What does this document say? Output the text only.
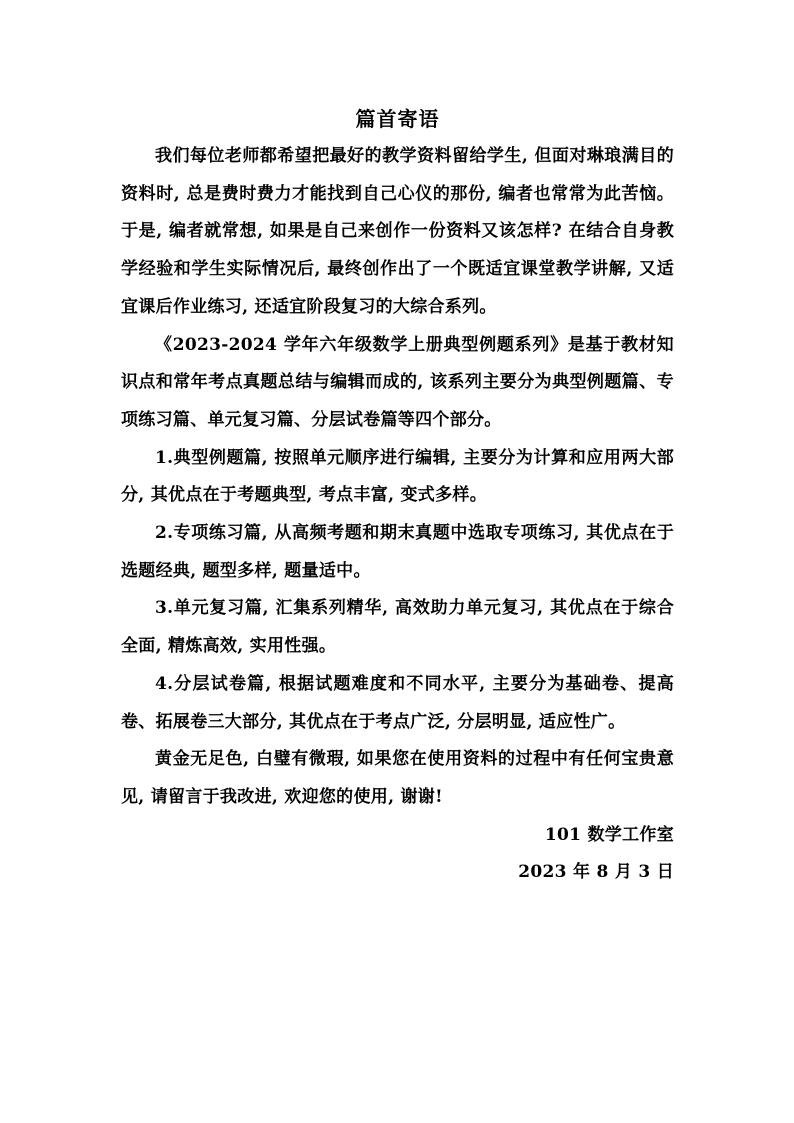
篇首寄语

我们每位老师都希望把最好的教学资料留给学生, 但面对琳琅满目的资料时, 总是费时费力才能找到自己心仪的那份, 编者也常常为此苦恼。于是, 编者就常想, 如果是自己来创作一份资料又该怎样? 在结合自身教学经验和学生实际情况后, 最终创作出了一个既适宜课堂教学讲解, 又适宜课后作业练习, 还适宜阶段复习的大综合系列。

《2023-2024 学年六年级数学上册典型例题系列》是基于教材知识点和常年考点真题总结与编辑而成的, 该系列主要分为典型例题篇、专项练习篇、单元复习篇、分层试卷篇等四个部分。

1.典型例题篇, 按照单元顺序进行编辑, 主要分为计算和应用两大部分, 其优点在于考题典型, 考点丰富, 变式多样。

2.专项练习篇, 从高频考题和期末真题中选取专项练习, 其优点在于选题经典, 题型多样, 题量适中。

3.单元复习篇, 汇集系列精华, 高效助力单元复习, 其优点在于综合全面, 精炼高效, 实用性强。

4.分层试卷篇, 根据试题难度和不同水平, 主要分为基础卷、提高卷、拓展卷三大部分, 其优点在于考点广泛, 分层明显, 适应性广。

黄金无足色, 白璧有微瑕, 如果您在使用资料的过程中有任何宝贵意见, 请留言于我改进, 欢迎您的使用, 谢谢!

101 数学工作室

2023 年 8 月 3 日
